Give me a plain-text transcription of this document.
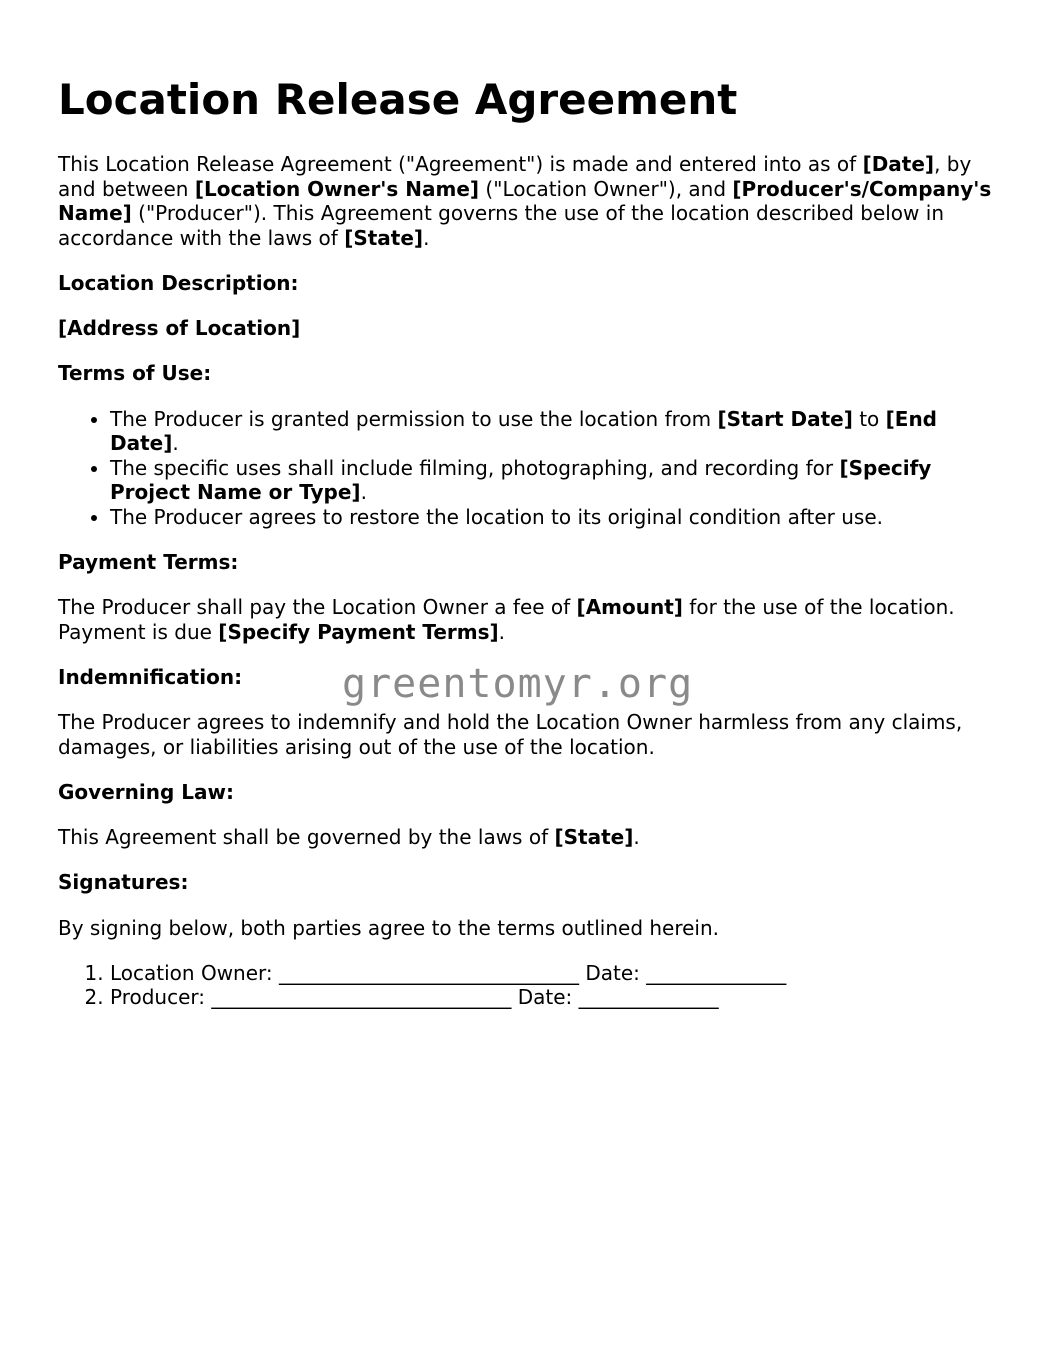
Location Release Agreement

This Location Release Agreement ("Agreement") is made and entered into as of [Date], by and between [Location Owner's Name] ("Location Owner"), and [Producer's/Company's Name] ("Producer"). This Agreement governs the use of the location described below in accordance with the laws of [State].

Location Description:

[Address of Location]

Terms of Use:

• The Producer is granted permission to use the location from [Start Date] to [End Date].
• The specific uses shall include filming, photographing, and recording for [Specify Project Name or Type].
• The Producer agrees to restore the location to its original condition after use.

Payment Terms:

The Producer shall pay the Location Owner a fee of [Amount] for the use of the location. Payment is due [Specify Payment Terms].

Indemnification:

The Producer agrees to indemnify and hold the Location Owner harmless from any claims, damages, or liabilities arising out of the use of the location.

Governing Law:

This Agreement shall be governed by the laws of [State].

Signatures:

By signing below, both parties agree to the terms outlined herein.

1. Location Owner: ______________________________ Date: ______________
2. Producer: ______________________________ Date: ______________
greentomyr.org
